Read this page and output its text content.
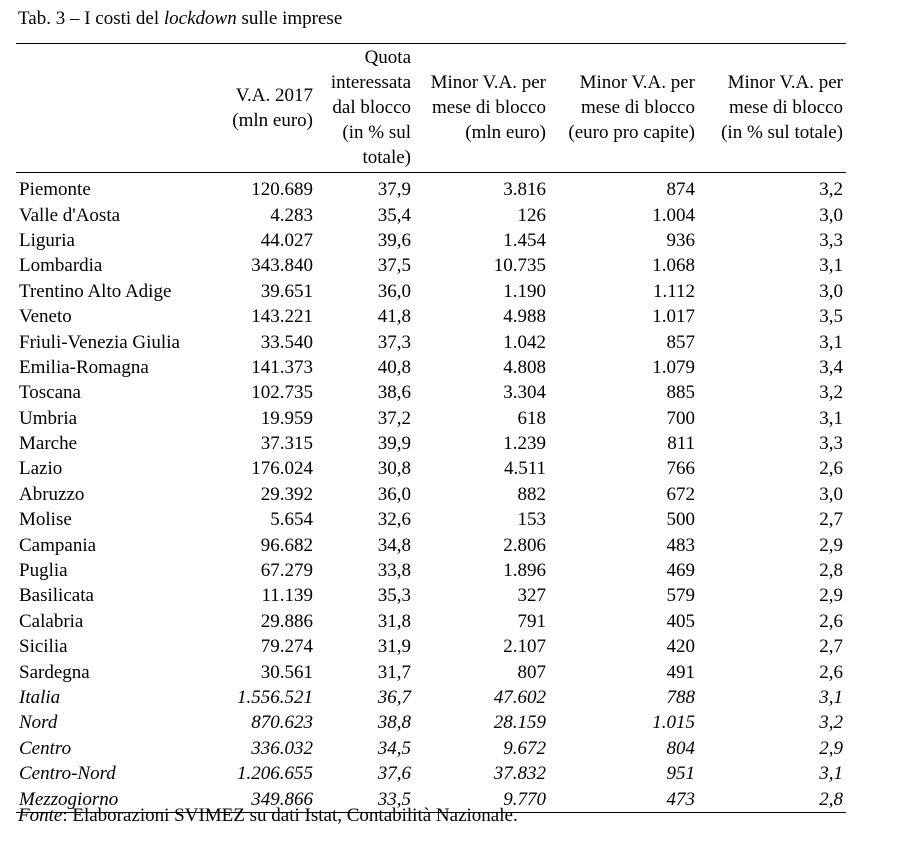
Tab. 3 – I costi del lockdown sulle imprese

	V.A. 2017
(mln euro)	Quota
interessata
dal blocco
(in % sul
totale)	Minor V.A. per
mese di blocco
(mln euro)	Minor V.A. per
mese di blocco
(euro pro capite)	Minor V.A. per
mese di blocco
(in % sul totale)
Piemonte	120.689	37,9	3.816	874	3,2
Valle d'Aosta	4.283	35,4	126	1.004	3,0
Liguria	44.027	39,6	1.454	936	3,3
Lombardia	343.840	37,5	10.735	1.068	3,1
Trentino Alto Adige	39.651	36,0	1.190	1.112	3,0
Veneto	143.221	41,8	4.988	1.017	3,5
Friuli-Venezia Giulia	33.540	37,3	1.042	857	3,1
Emilia-Romagna	141.373	40,8	4.808	1.079	3,4
Toscana	102.735	38,6	3.304	885	3,2
Umbria	19.959	37,2	618	700	3,1
Marche	37.315	39,9	1.239	811	3,3
Lazio	176.024	30,8	4.511	766	2,6
Abruzzo	29.392	36,0	882	672	3,0
Molise	5.654	32,6	153	500	2,7
Campania	96.682	34,8	2.806	483	2,9
Puglia	67.279	33,8	1.896	469	2,8
Basilicata	11.139	35,3	327	579	2,9
Calabria	29.886	31,8	791	405	2,6
Sicilia	79.274	31,9	2.107	420	2,7
Sardegna	30.561	31,7	807	491	2,6
Italia	1.556.521	36,7	47.602	788	3,1
Nord	870.623	38,8	28.159	1.015	3,2
Centro	336.032	34,5	9.672	804	2,9
Centro-Nord	1.206.655	37,6	37.832	951	3,1
Mezzogiorno	349.866	33,5	9.770	473	2,8
Fonte: Elaborazioni SVIMEZ su dati Istat, Contabilità Nazionale.
